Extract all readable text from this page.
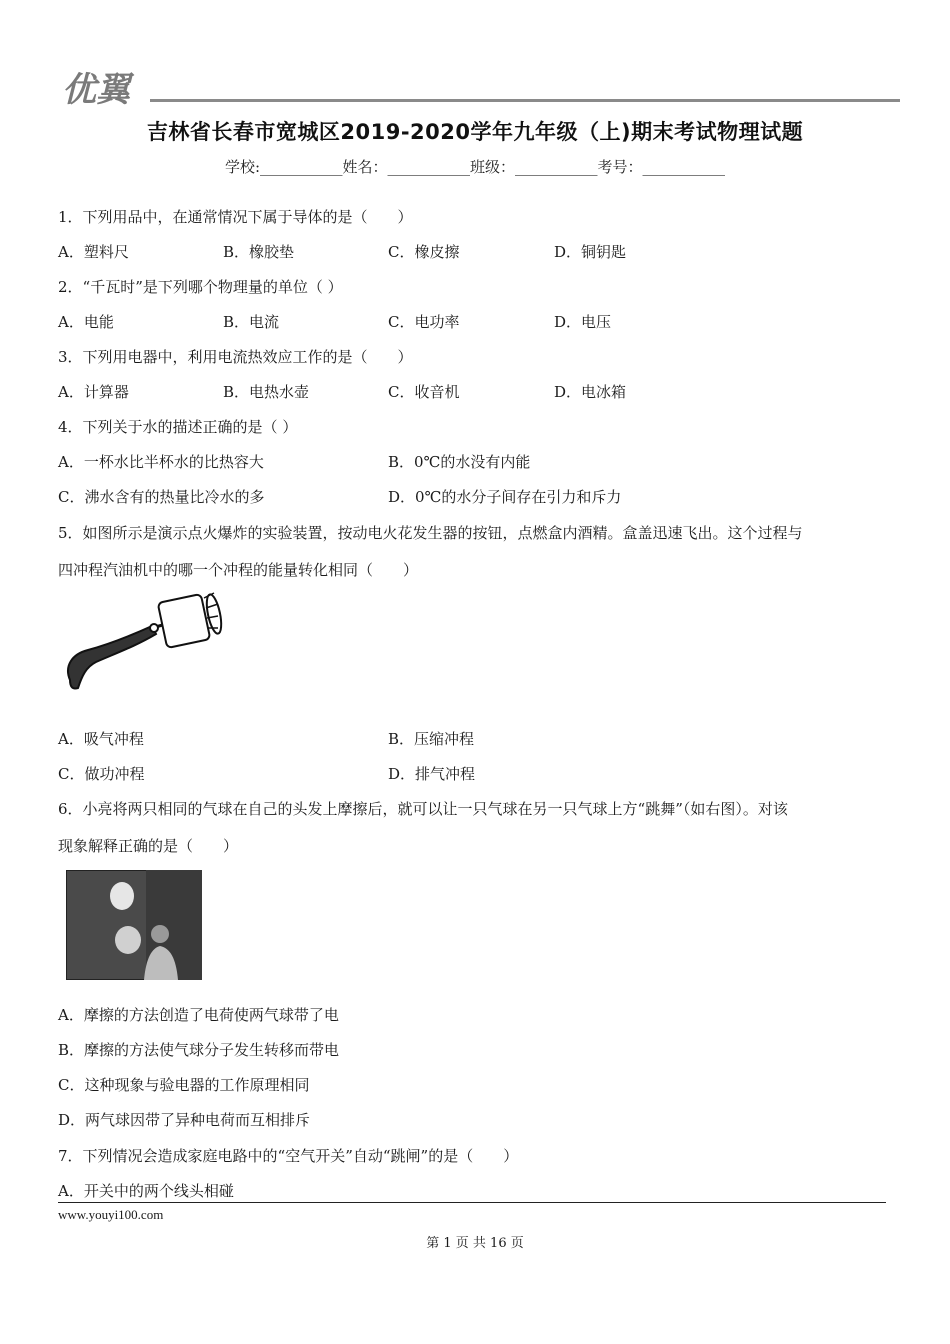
优翼
吉林省长春市宽城区2019-2020学年九年级（上)期末考试物理试题
学校:___________姓名：___________班级：___________考号：___________
1．下列用品中，在通常情况下属于导体的是（　　）
A．塑料尺	B．橡胶垫	C．橡皮擦	D．铜钥匙
2．“千瓦时”是下列哪个物理量的单位（ ）
A．电能	B．电流	C．电功率	D．电压
3．下列用电器中，利用电流热效应工作的是（　　）
A．计算器	B．电热水壶	C．收音机	D．电冰箱
4．下列关于水的描述正确的是（ ）
A．一杯水比半杯水的比热容大	B．0℃的水没有内能
C．沸水含有的热量比冷水的多	D．0℃的水分子间存在引力和斥力
5．如图所示是演示点火爆炸的实验装置，按动电火花发生器的按钮，点燃盒内酒精。盒盖迅速飞出。这个过程与
四冲程汽油机中的哪一个冲程的能量转化相同（　　）
A．吸气冲程	B．压缩冲程
C．做功冲程	D．排气冲程
6．小亮将两只相同的气球在自己的头发上摩擦后，就可以让一只气球在另一只气球上方“跳舞”（如右图）。对该
现象解释正确的是（　　）
A．摩擦的方法创造了电荷使两气球带了电
B．摩擦的方法使气球分子发生转移而带电
C．这种现象与验电器的工作原理相同
D．两气球因带了异种电荷而互相排斥
7．下列情况会造成家庭电路中的“空气开关”自动“跳闸”的是（　　）
A．开关中的两个线头相碰
www.youyi100.com
第 1 页 共 16 页
